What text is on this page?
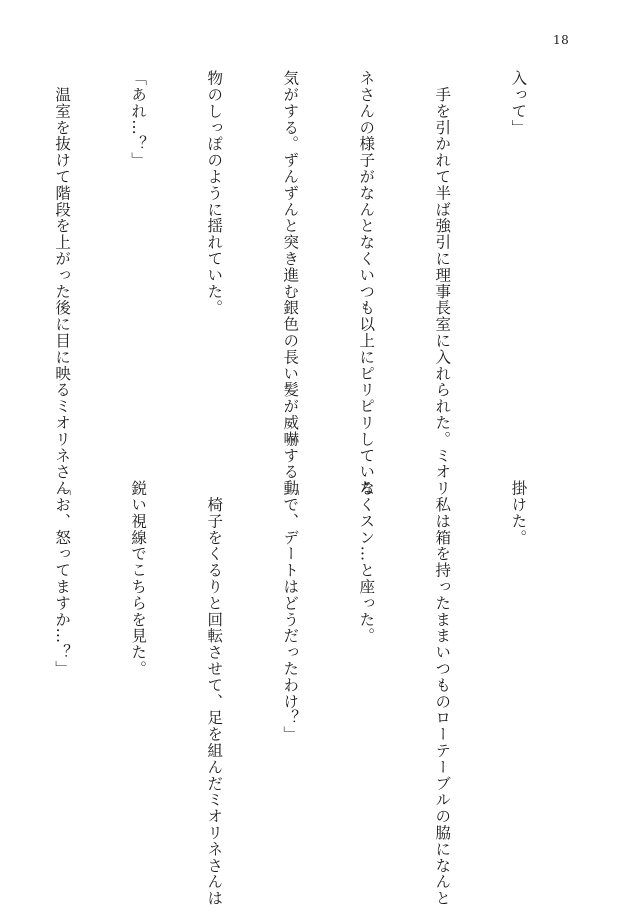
18

入って」

　手を引かれて半ば強引に理事長室に入れられた。ミオリ

ネさんの様子がなんとなくいつも以上にピリピリしている

気がする。ずんずんと突き進む銀色の長い髪が威嚇する動

物のしっぽのように揺れていた。

「あれ…？」

　温室を抜けて階段を上がった後に目に映るミオリネさん

掛けた。

　私は箱を持ったままいつものローテーブルの脇になんと

なくスン…と座った。

「で、デートはどうだったわけ？」

　椅子をくるりと回転させて、足を組んだミオリネさんは

鋭い視線でこちらを見た。

「お、怒ってますか…？」
